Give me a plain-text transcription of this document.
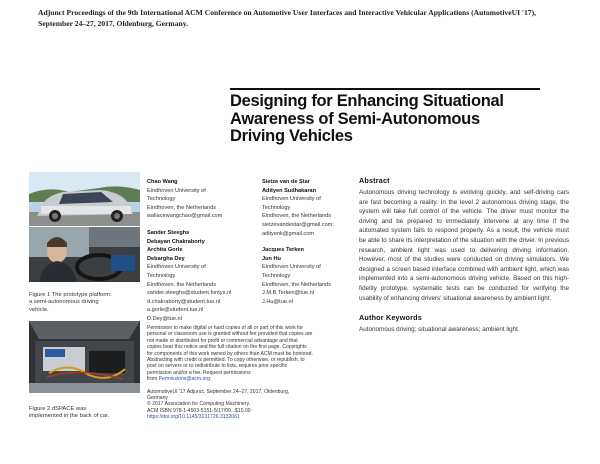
Adjunct Proceedings of the 9th International ACM Conference on Automotive User Interfaces and Interactive Vehicular Applications (AutomotiveUI '17),
September 24–27, 2017, Oldenburg, Germany.
Designing for Enhancing Situational
Awareness of Semi-Autonomous
Driving Vehicles
Figure 1 The prototype platform:
a semi-autonomous driving
vehicle.
Figure 2 dSPACE was
implemented in the back of car.
Chao Wang
Eindhoven University of
Technology
Eindhoven, the Netherlands
wallacewangchao@gmail.com
Sander Steeghs
Debayan Chakraborty
Archita Gorle
Debargha Dey
Eindhoven University of
Technology
Eindhoven, the Netherlands
sander.steeghs@student.fontys.nl
d.chakraborty@student.tue.nl
a.gorle@student.tue.nl
D.Dey@tue.nl
Sietze van de Star
Adityen Sudhakaran
Eindhoven University of
Technology
Eindhoven, the Netherlands
sietzevandestar@gmail.com;
adityenk@gmail.com
Jacques Terken
Jun Hu
Eindhoven University of
Technology
Eindhoven, the Netherlands
J.M.B.Terken@tue.nl
J.Hu@tue.nl
Permission to make digital or hard copies of all or part of this work for
personal or classroom use is granted without fee provided that copies are
not made or distributed for profit or commercial advantage and that
copies bear this notice and the full citation on the first page. Copyrights
for components of this work owned by others than ACM must be honored.
Abstracting with credit is permitted. To copy otherwise, or republish, to
post on servers or to redistribute to lists, requires prior specific
permission and/or a fee. Request permissions
from Permissions@acm.org.
AutomotiveUI '17 Adjunct, September 24–27, 2017, Oldenburg,
Germany
© 2017 Association for Computing Machinery.
ACM ISBN 978-1-4503-5151-5/17/09...$15.00
https://doi.org/10.1145/3131726.3132061
Abstract
Autonomous driving technology is evolving quickly, and self-driving cars are fast becoming a reality. In the level 2 autonomous driving stage, the system will take full control of the vehicle. The driver must monitor the driving and be prepared to immediately intervene at any time if the automated system fails to respond properly. As a result, the vehicle must be able to share its interpretation of the situation with the driver. In previous research, ambient light was used to delivering driving information. However, most of the studies were conducted on driving simulators. We designed a screen based interface combined with ambient light, which was implemented into a semi-autonomous driving vehicle. Based on this high-fidelity prototype, systematic tests can be conducted for verifying the usability of enhancing drivers' situational awareness by ambient light.
Author Keywords
Autonomous driving; situational awareness; ambient light.
